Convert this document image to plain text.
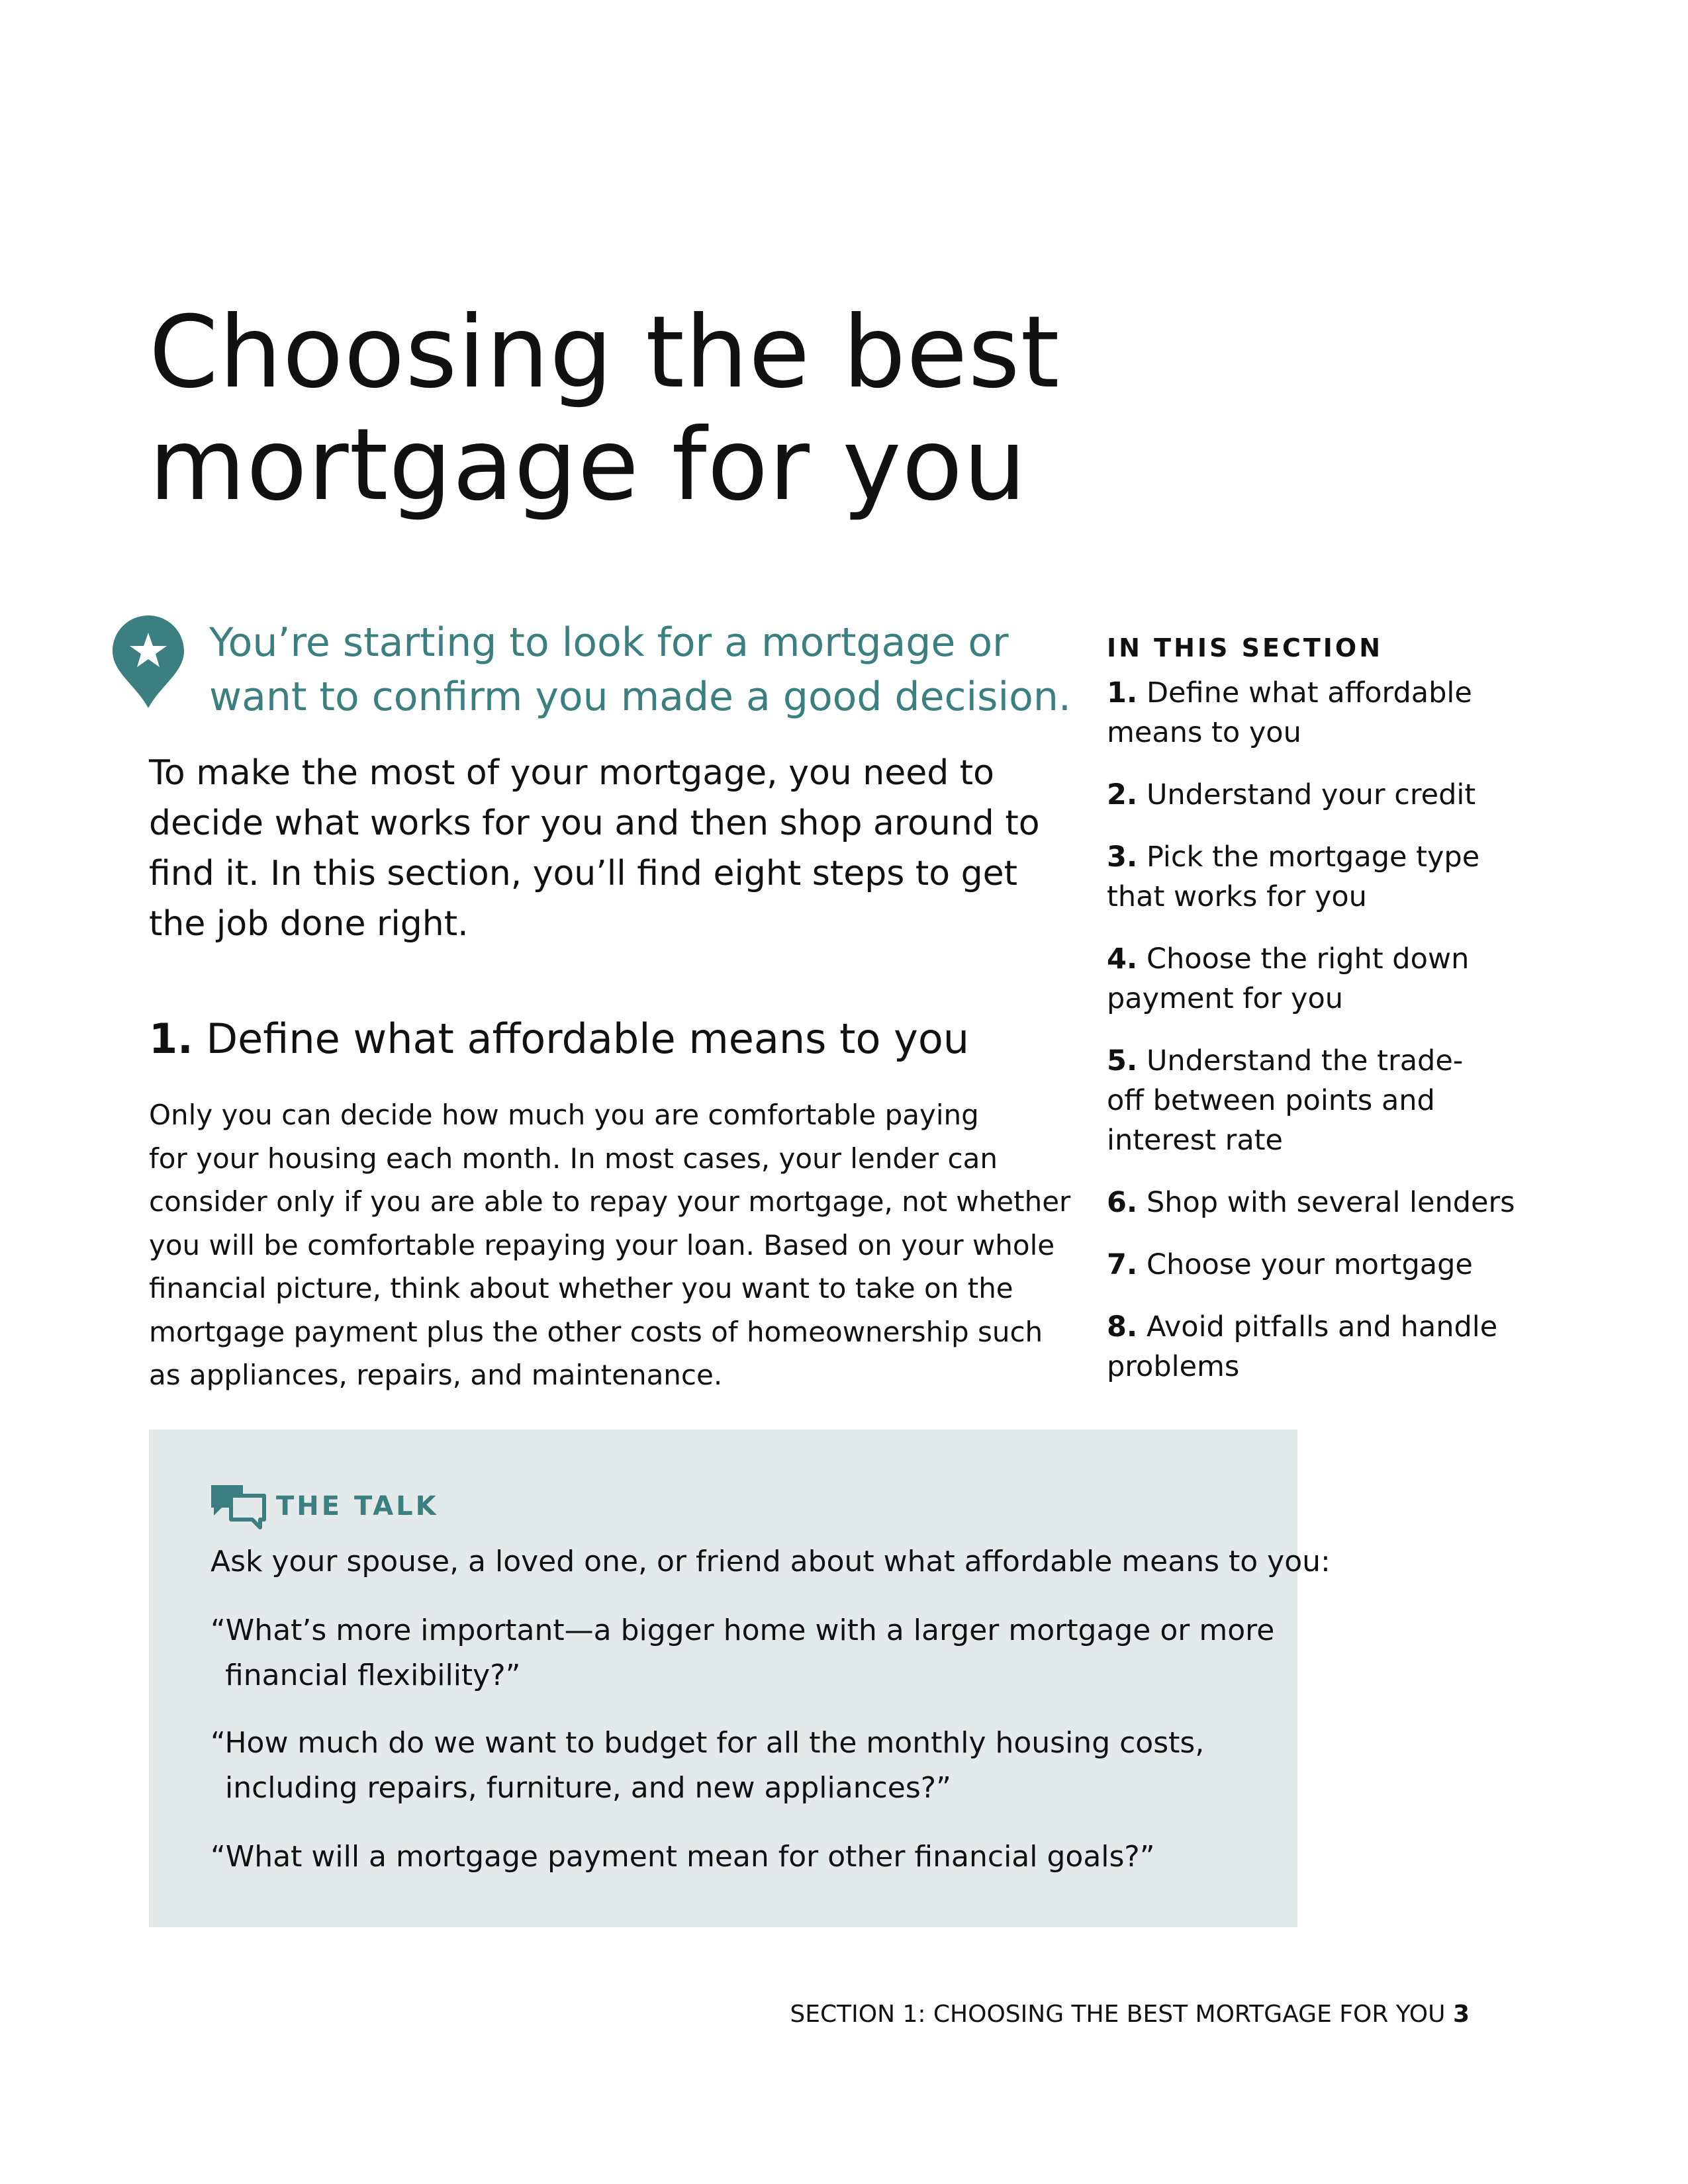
Choosing the best
mortgage for you
You’re starting to look for a mortgage or
want to confirm you made a good decision.
To make the most of your mortgage, you need to
decide what works for you and then shop around to
find it. In this section, you’ll find eight steps to get
the job done right.
1. Define what affordable means to you
Only you can decide how much you are comfortable paying
for your housing each month. In most cases, your lender can
consider only if you are able to repay your mortgage, not whether
you will be comfortable repaying your loan. Based on your whole
financial picture, think about whether you want to take on the
mortgage payment plus the other costs of homeownership such
as appliances, repairs, and maintenance.
IN THIS SECTION
1. Define what affordable
means to you
2. Understand your credit
3. Pick the mortgage type
that works for you
4. Choose the right down
payment for you
5. Understand the trade-
off between points and
interest rate
6. Shop with several lenders
7. Choose your mortgage
8. Avoid pitfalls and handle
problems
THE TALK
Ask your spouse, a loved one, or friend about what affordable means to you:
“What’s more important—a bigger home with a larger mortgage or more
financial flexibility?”
“How much do we want to budget for all the monthly housing costs,
including repairs, furniture, and new appliances?”
“What will a mortgage payment mean for other financial goals?”
SECTION 1: CHOOSING THE BEST MORTGAGE FOR YOU 3
